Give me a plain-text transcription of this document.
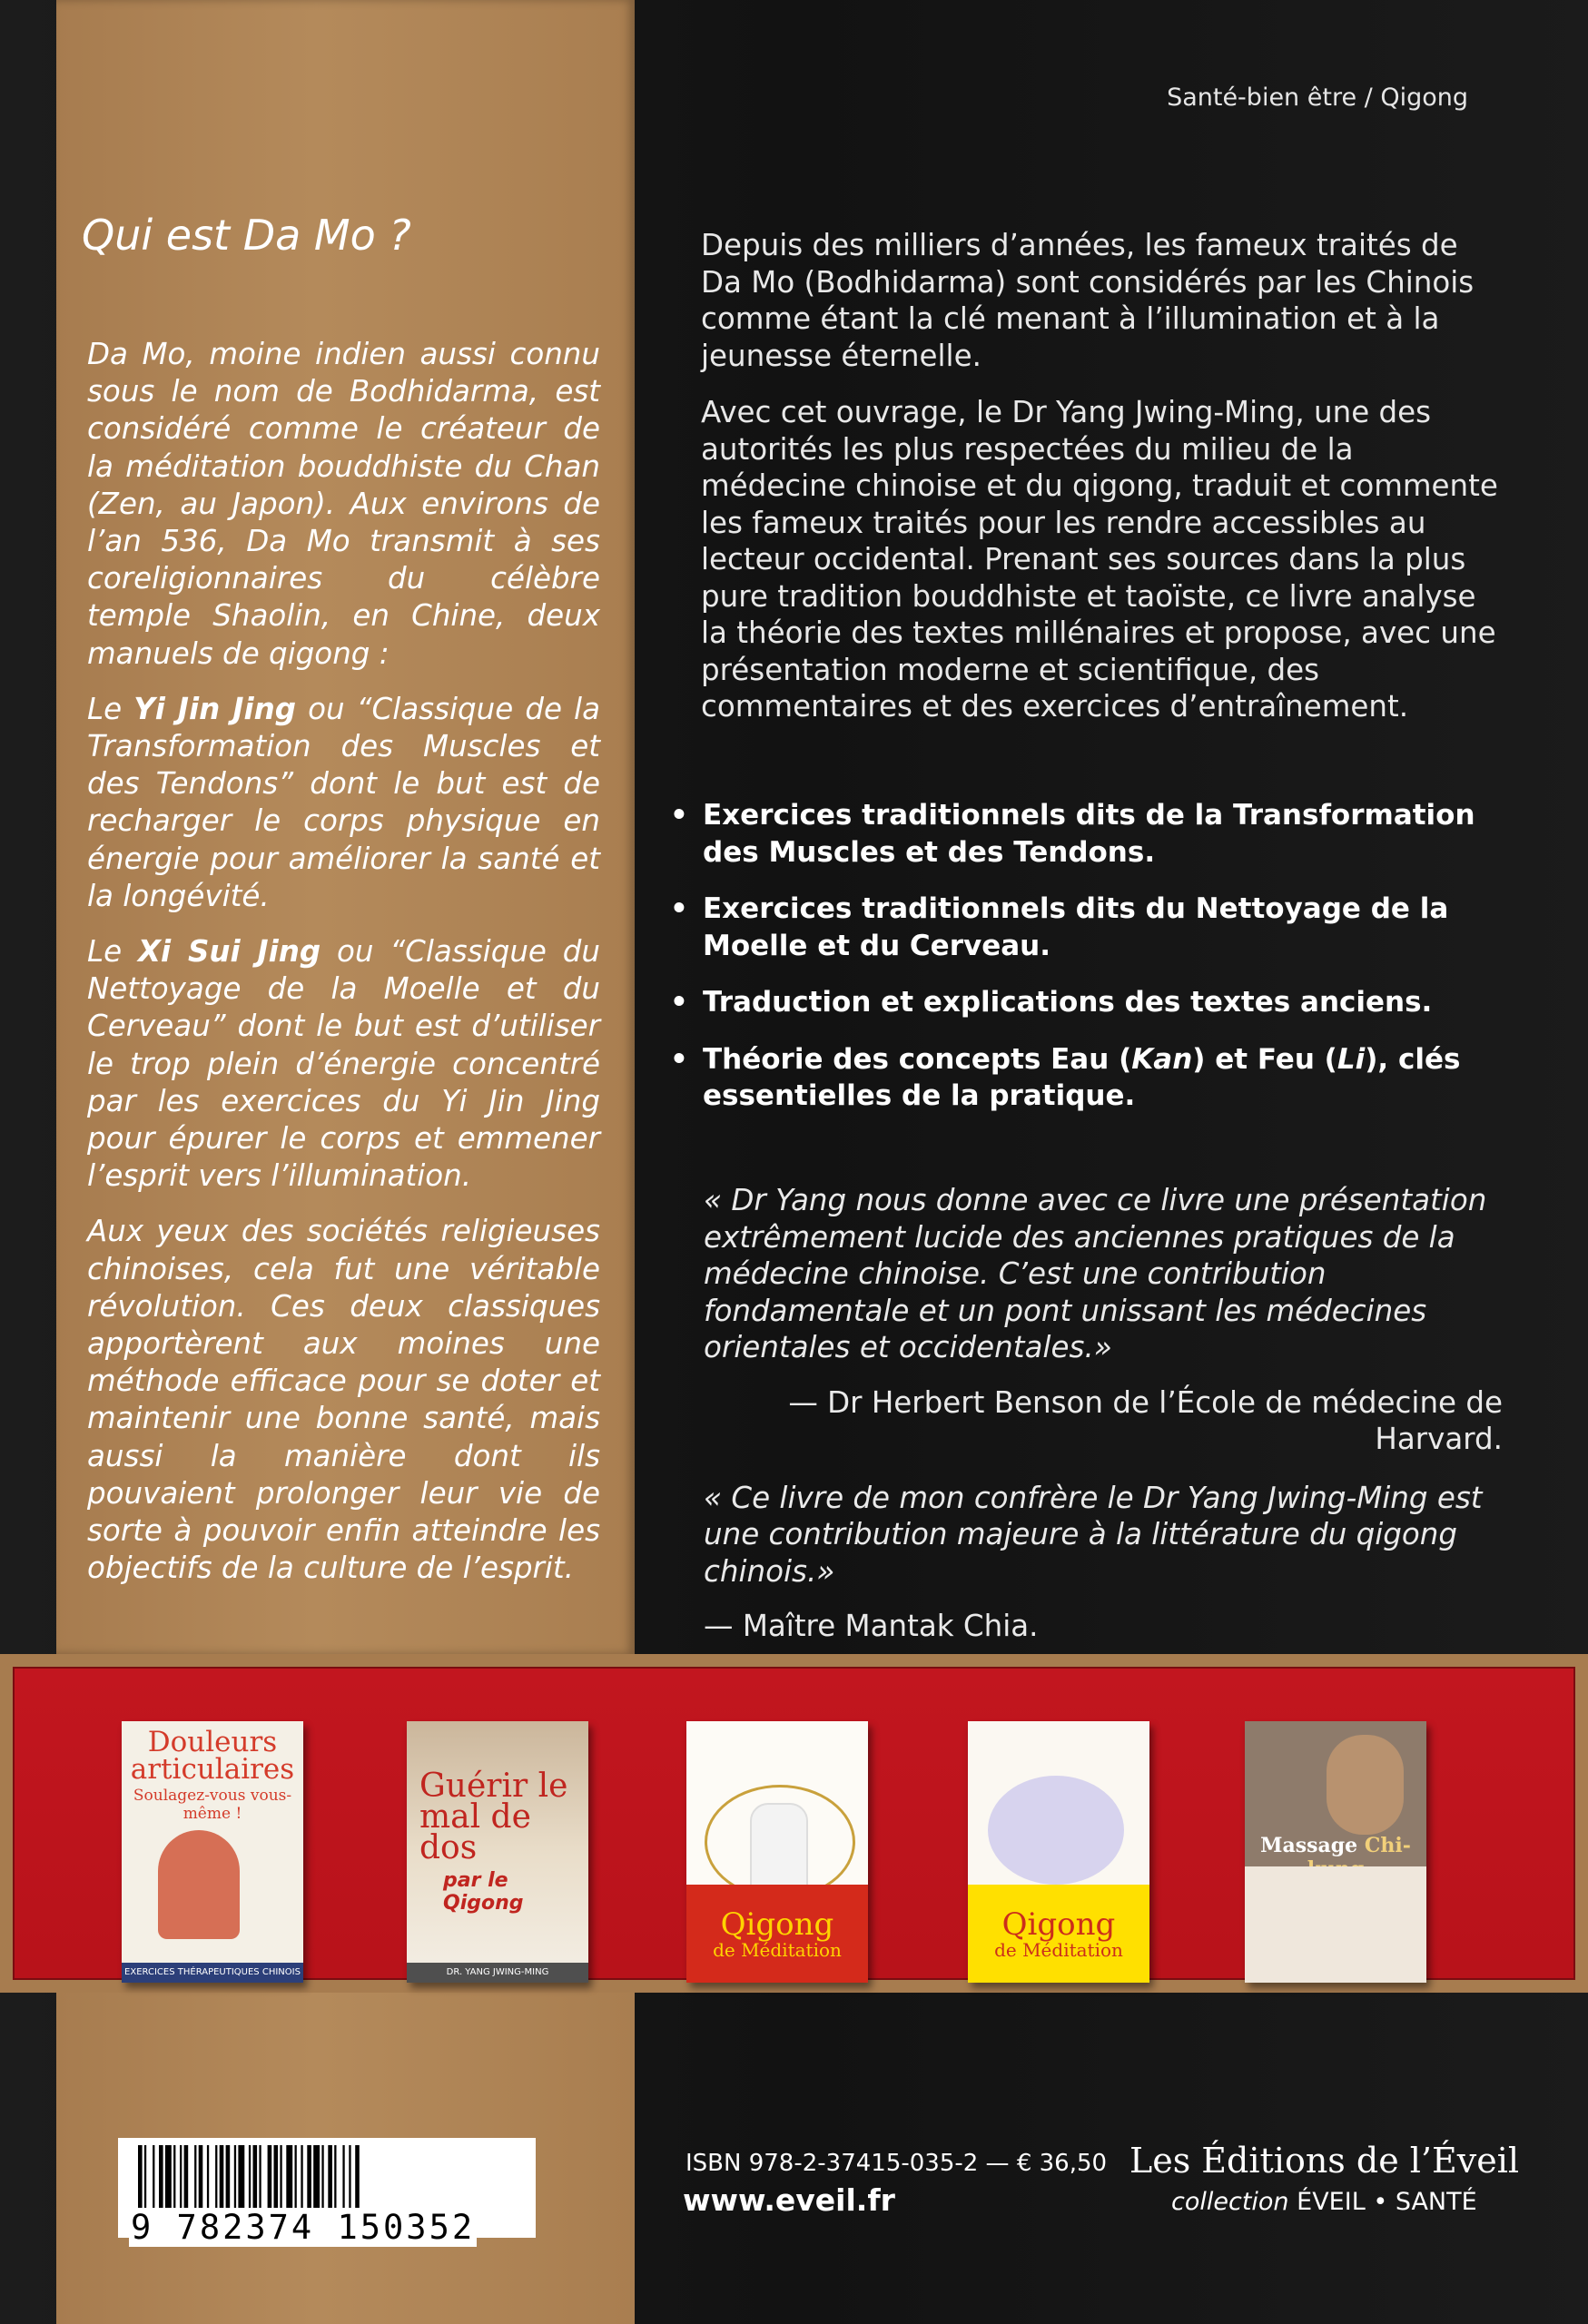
Santé-bien être / Qigong
Qui est Da Mo ?

Da Mo, moine indien aussi connu sous le nom de Bodhidarma, est considéré comme le créateur de la méditation bouddhiste du Chan (Zen, au Japon). Aux environs de l’an 536, Da Mo transmit à ses coreligionnaires du célèbre temple Shaolin, en Chine, deux manuels de qigong :

Le Yi Jin Jing ou “Classique de la Transformation des Muscles et des Tendons” dont le but est de recharger le corps physique en énergie pour améliorer la santé et la longévité.

Le Xi Sui Jing ou “Classique du Nettoyage de la Moelle et du Cerveau” dont le but est d’utiliser le trop plein d’énergie concentré par les exercices du Yi Jin Jing pour épurer le corps et emmener l’esprit vers l’illumination.

Aux yeux des sociétés religieuses chinoises, cela fut une véritable révolution. Ces deux classiques apportèrent aux moines une méthode efficace pour se doter et maintenir une bonne santé, mais aussi la manière dont ils pouvaient prolonger leur vie de sorte à pouvoir enfin atteindre les objectifs de la culture de l’esprit.

Depuis des milliers d’années, les fameux traités de Da Mo (Bodhidarma) sont considérés par les Chinois comme étant la clé menant à l’illumination et à la jeunesse éternelle.

Avec cet ouvrage, le Dr Yang Jwing-Ming, une des autorités les plus respectées du milieu de la médecine chinoise et du qigong, traduit et commente les fameux traités pour les rendre accessibles au lecteur occidental. Prenant ses sources dans la plus pure tradition bouddhiste et taoïste, ce livre analyse la théorie des textes millénaires et propose, avec une présentation moderne et scientifique, des commentaires et des exercices d’entraînement.

• Exercices traditionnels dits de la Transformation des Muscles et des Tendons.
• Exercices traditionnels dits du Nettoyage de la Moelle et du Cerveau.
• Traduction et explications des textes anciens.
• Théorie des concepts Eau (Kan) et Feu (Li), clés essentielles de la pratique.
« Dr Yang nous donne avec ce livre une présentation extrêmement lucide des anciennes pratiques de la médecine chinoise. C’est une contribution fondamentale et un pont unissant les médecines orientales et occidentales.»
— Dr Herbert Benson de l’École de médecine de Harvard.
« Ce livre de mon confrère le Dr Yang Jwing-Ming est une contribution majeure à la littérature du qigong chinois.»
— Maître Mantak Chia.
Douleurs articulaires
Soulagez-vous vous-même !
EXERCICES THÉRAPEUTIQUES CHINOIS
Guérir le mal de dos
par le Qigong
DR. YANG JWING-MING
Qigong
de Méditation
Qigong
de Méditation
Massage Chi-
9 782374 150352
ISBN 978-2-37415-035-2 — € 36,50
www.eveil.fr
Les Éditions de l’Éveil
collection ÉVEIL • SANTÉ
